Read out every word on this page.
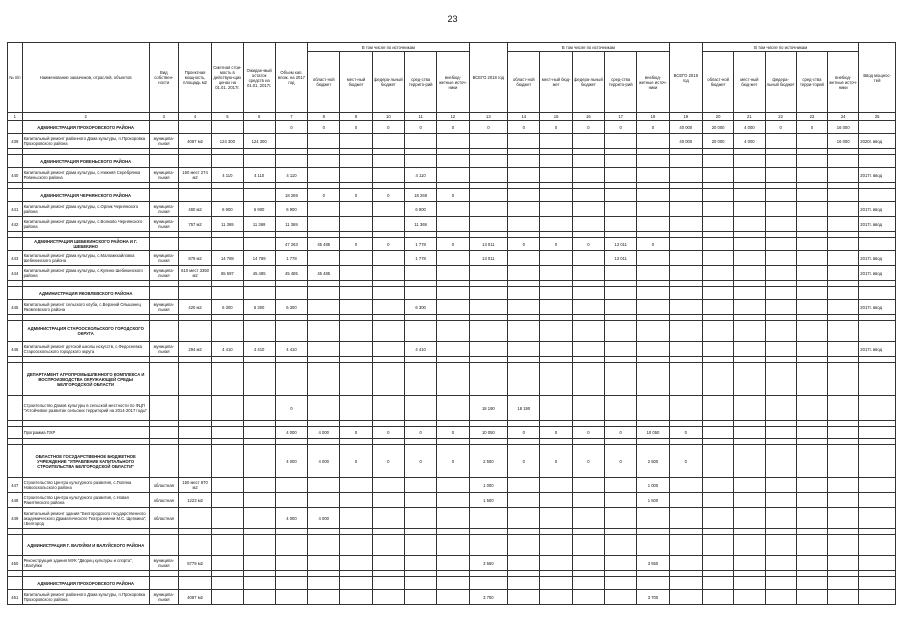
23
№ п/п	Наименование заказчиков, отраслей, объектов	Вид собствен-ности	Проектная мощность, площадь м2	Сметная стои-мость в действую-щих ценах на 01.01. 2017г.	Ожидае-мый остаток средств на 01.01. 2017г.	Объем кап. влож. на 2017 год	В том числе по источникам					ВСЕГО 2018 год	В том числе по источникам					ВСЕГО 2019 год	В том числе по источникам					Ввод мощнос-тей
							област-ной бюджет	мест-ный бюджет	федера-льный бюджет	сред-ства террито-рий	внебюд-жетные источ-ники		област-ной бюджет	мест-ный бюд-жет	федера-льный бюджет	сред-ства террито-рий	внебюд-жетные источ-ники		област-ной бюджет	мест-ный бюд-жет	федера-льный бюджет	сред-ства терри-торий	внебюд-жетные источ-ники	
1	2	3	4	5	6	7	8	9	10	11	12	13	14	15	16	17	18	19	20	21	22	23	24	25
	АДМИНИСТРАЦИЯ ПРОХОРОВСКОГО РАЙОНА					0	0	0	0	0	0	0	0	0	0	0	0	40 000	20 000	4 000	0	0	16 000	
439	Капитальный ремонт районного Дома культуры, п.Прохоровка Прохоровского района	муниципа-льная	4087 м2	124 300	124 300													40 000	20 000	4 000			16 000	2020г. ввод

	АДМИНИСТРАЦИЯ РОВЕНЬСКОГО РАЙОНА																							
440	Капитальный ремонт Дома культуры, с.Нижняя Серебрянка Ровеньского района	муниципа-льная	150 мест 274 м2	4 110	4 110	4 110				4 110														2017г. ввод

	АДМИНИСТРАЦИЯ ЧЕРНЯНСКОГО РАЙОНА					18 269	0	0	0	18 269	0													
441	Капитальный ремонт Дома культуры, с.Орлик Чернянского района	муниципа-льная	460 м2	6 900	6 900	6 900				6 900														2017г. ввод
442	Капитальный ремонт Дома культуры, с.Волково Чернянского района	муниципа-льная	757 м2	11 369	11 369	11 369				11 369														2017г. ввод

	АДМИНИСТРАЦИЯ ШЕБЕКИНСКОГО РАЙОНА И Г. ШЕБЕКИНО					47 263	45 485	0	0	1 778	0	13 011	0	0	0	13 011	0							
443	Капитальный ремонт Дома культуры, с.Маломихайловка Шебекинского района	муниципа-льная	879 м2	14 789	14 789	1 778				1 778		13 011				13 011								2017г. ввод
444	Капитальный ремонт Дома культуры, с.Купино Шебекинского района	муниципа-льная	610 мест 3350 м2	65 597	45 485	45 485	45 485																	2017г. ввод

	АДМИНИСТРАЦИЯ ЯКОВЛЕВСКОГО РАЙОНА																							
445	Капитальный ремонт сельского клуба, с.Верхний Ольшанец Яковлевского района	муниципа-льная	420 м2	6 300	6 300	6 300				6 300														2017г. ввод

	АДМИНИСТРАЦИЯ СТАРООСКОЛЬСКОГО ГОРОДСКОГО ОКРУГА																							
446	Капитальный ремонт детской школы искусств, с.Федосеевка Старооскольского городского округа	муниципа-льная	294 м2	4 410	4 410	4 410				4 410														2017г. ввод

	ДЕПАРТАМЕНТ АГРОПРОМЫШЛЕННОГО КОМПЛЕКСА И ВОСПРОИЗВОДСТВА ОКРУЖАЮЩЕЙ СРЕДЫ БЕЛГОРОДСКОЙ ОБЛАСТИ																							
	Строительство Домов культуры в сельской местности по ФЦП "Устойчивое развитие сельских территорий на 2014-2017 годы"					0						18 190	18 190											

	Программа ПХР					4 000	4 000	0	0	0	0	10 050	0	0	0	0	10 050	0						

	ОБЛАСТНОЕ ГОСУДАРСТВЕННОЕ БЮДЖЕТНОЕ УЧРЕЖДЕНИЕ "УПРАВЛЕНИЕ КАПИТАЛЬНОГО СТРОИТЕЛЬСТВА БЕЛГОРОДСКОЙ ОБЛАСТИ"					4 000	4 000	0	0	0	0	2 500	0	0	0	0	2 500	0						
447	Строительство Центра культурного развития, с.Поляна Новооскольского района	областная	150 мест 870 м2									1 000					1 000							
448	Строительство Центра культурного развития, с.Новая Ракитянского района	областная	1223 м2									1 500					1 500							
449	Капитальный ремонт здания "Белгородского государственного академического Драматического Театра имени М.С. Щепкина", г.Белгород	областная				4 000	4 000																	

	АДМИНИСТРАЦИЯ Г. ВАЛУЙКИ И ВАЛУЙСКОГО РАЙОНА																							
450	Реконструкция здания МУК "Дворец культуры и спорта", г.Валуйки	муниципа-льная	5779 м2									3 550					3 550							

	АДМИНИСТРАЦИЯ ПРОХОРОВСКОГО РАЙОНА																							
451	Капитальный ремонт районного Дома культуры, п.Прохоровка Прохоровского района	муниципа-льная	4087 м2									3 700					3 700							
